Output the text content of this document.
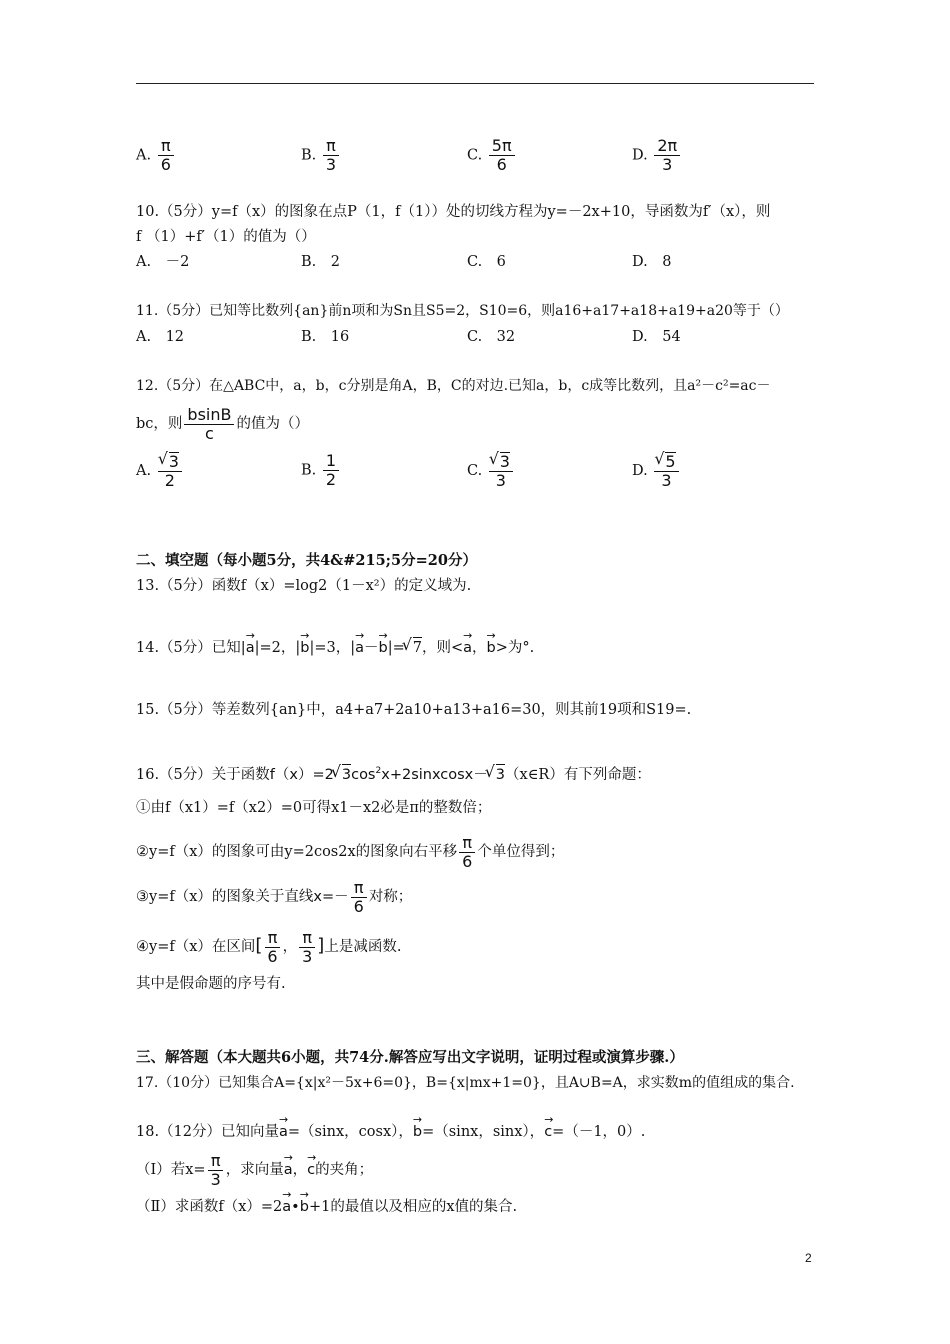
A. $\frac{\pi}{6}$	B. $\frac{\pi}{3}$	C. $\frac{5\pi}{6}$	D. $\frac{2\pi}{3}$
10.（5分）y=f（x）的图象在点P（1，f（1））处的切线方程为y=－2x+10，导函数为f′（x），则
f （1）+f′（1）的值为（）
A.　－2	B.　2	C.　6	D.　8
11.（5分）已知等比数列{an}前n项和为Sn且S5=2，S10=6，则a16+a17+a18+a19+a20等于（）
A.　12	B.　16	C.　32	D.　54
12.（5分）在△ABC中，a，b，c分别是角A，B，C的对边.已知a，b，c成等比数列，且a²－c²=ac－
bc，则 $\frac{bsinB}{c}$ 的值为（）
A.
√ $\frac{3}{2}$	B. $\frac{1}{2}$	C.
√ $\frac{3}{3}$	D.
√ $\frac{5}{3}$
二、填空题（每小题5分，共4&#215;5分=20分）
13.（5分）函数f（x）=log2（1－x²）的定义域为.
14.（5分）已知|→ a|=2，|→ b|=3，|→ a－→ b|=√ 7，则<→ a，→ b>为°.
15.（5分）等差数列{an}中，a4+a7+2a10+a13+a16=30，则其前19项和S19=.
16.（5分）关于函数f（x）=2√ $3\cos^2x+2sinxcosx-√$ 3（x∈R）有下列命题：
①由f（x1）=f（x2）=0可得x1－x2必是π的整数倍；
②y=f（x）的图象可由y=2cos2x的图象向右平移 $\frac{\pi}{6}$ 个单位得到；
③y=f（x）的图象关于直线$x=- \frac{\pi}{6}$ 对称；
④y=f（x）在区间[ $\frac{\pi}{6}$ ， $\frac{\pi}{3}$ ]上是减函数.
其中是假命题的序号有.
三、解答题（本大题共6小题，共74分.解答应写出文字说明，证明过程或演算步骤.）
17.（10分）已知集合A={x|x²－5x+6=0}，B={x|mx+1=0}，且A∪B=A，求实数m的值组成的集合.
18.（12分）已知向量→ a=（sinx，cosx），→ b=（sinx，sinx），→ c=（－1，0）.
（Ⅰ）若$x= \frac{\pi}{3}$ ，求向量→ a，→ c的夹角；
（Ⅱ）求函数f（x）=2→ a•→ b+1的最值以及相应的x值的集合.
2
